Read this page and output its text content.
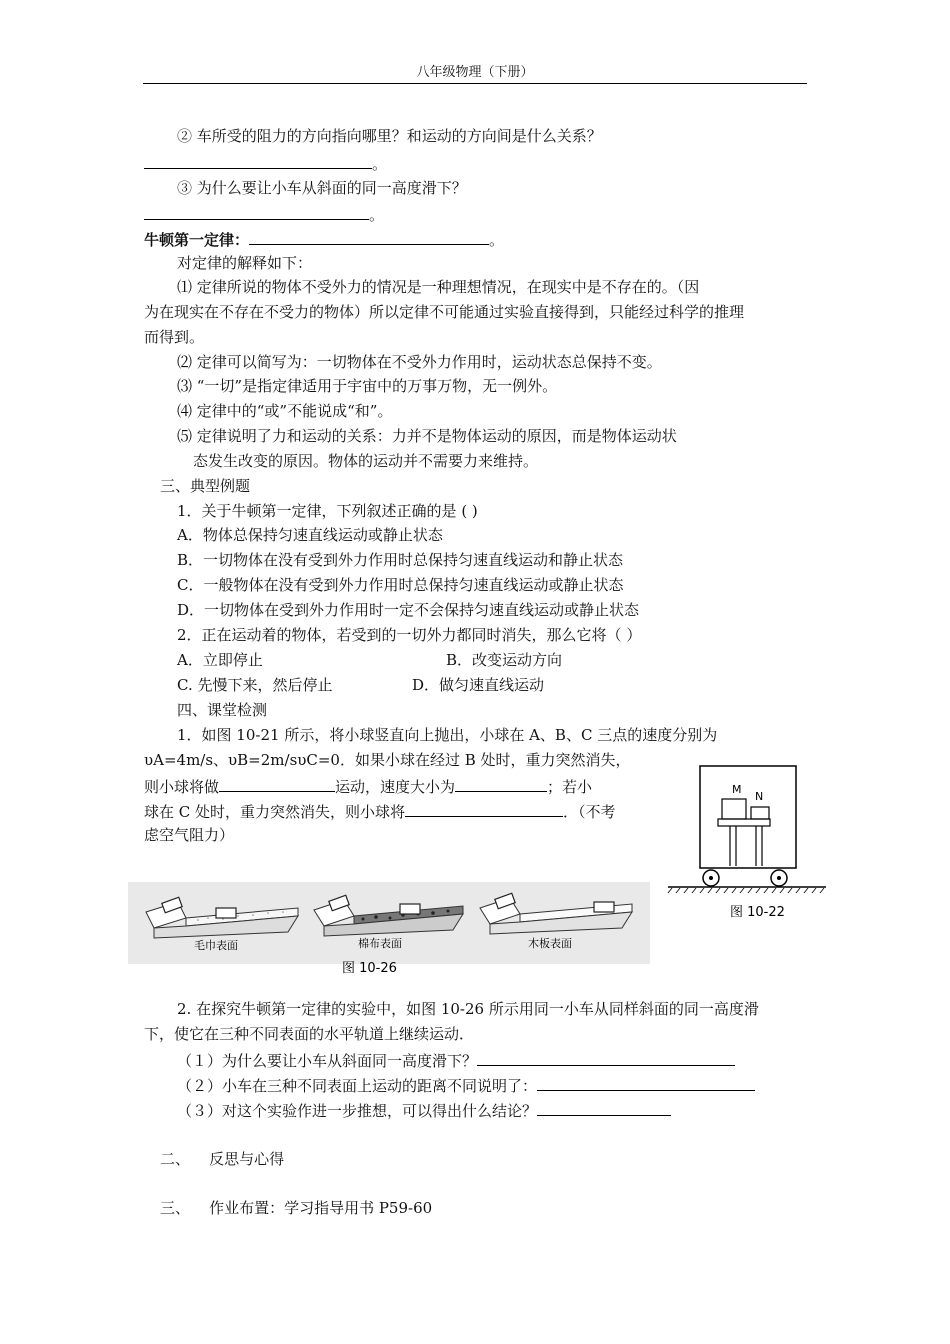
八年级物理（下册）
② 车所受的阻力的方向指向哪里？和运动的方向间是什么关系？
。
③ 为什么要让小车从斜面的同一高度滑下？
。
牛顿第一定律：	。
对定律的解释如下：
⑴ 定律所说的物体不受外力的情况是一种理想情况，在现实中是不存在的。（因
为在现实在不存在不受力的物体）所以定律不可能通过实验直接得到，只能经过科学的推理
而得到。
⑵ 定律可以简写为：一切物体在不受外力作用时，运动状态总保持不变。
⑶ “一切”是指定律适用于宇宙中的万事万物，无一例外。
⑷ 定律中的“或”不能说成“和”。
⑸ 定律说明了力和运动的关系：力并不是物体运动的原因，而是物体运动状
态发生改变的原因。物体的运动并不需要力来维持。
三、典型例题
1．关于牛顿第一定律，下列叙述正确的是 ( )
A．物体总保持匀速直线运动或静止状态
B．一切物体在没有受到外力作用时总保持匀速直线运动和静止状态
C．一般物体在没有受到外力作用时总保持匀速直线运动或静止状态
D．一切物体在受到外力作用时一定不会保持匀速直线运动或静止状态
2．正在运动着的物体，若受到的一切外力都同时消失，那么它将（ ）
A．立即停止	B．改变运动方向
C. 先慢下来，然后停止	D．做匀速直线运动
四、课堂检测
1．如图 10-21 所示，将小球竖直向上抛出，小球在 A、B、C 三点的速度分别为
υA=4m/s、υB=2m/sυC=0．如果小球在经过 B 处时，重力突然消失，
则小球将做	运动，速度大小为	；若小
球在 C 处时，重力突然消失，则小球将	．（不考
虑空气阻力）
M
N
图 10-22
毛巾表面	棉布表面	木板表面
图 10-26
2. 在探究牛顿第一定律的实验中，如图 10-26 所示用同一小车从同样斜面的同一高度滑
下，使它在三种不同表面的水平轨道上继续运动．
（１）为什么要让小车从斜面同一高度滑下？
（２）小车在三种不同表面上运动的距离不同说明了：
（３）对这个实验作进一步推想，可以得出什么结论？
二、    反思与心得
三、    作业布置：学习指导用书 P59-60
